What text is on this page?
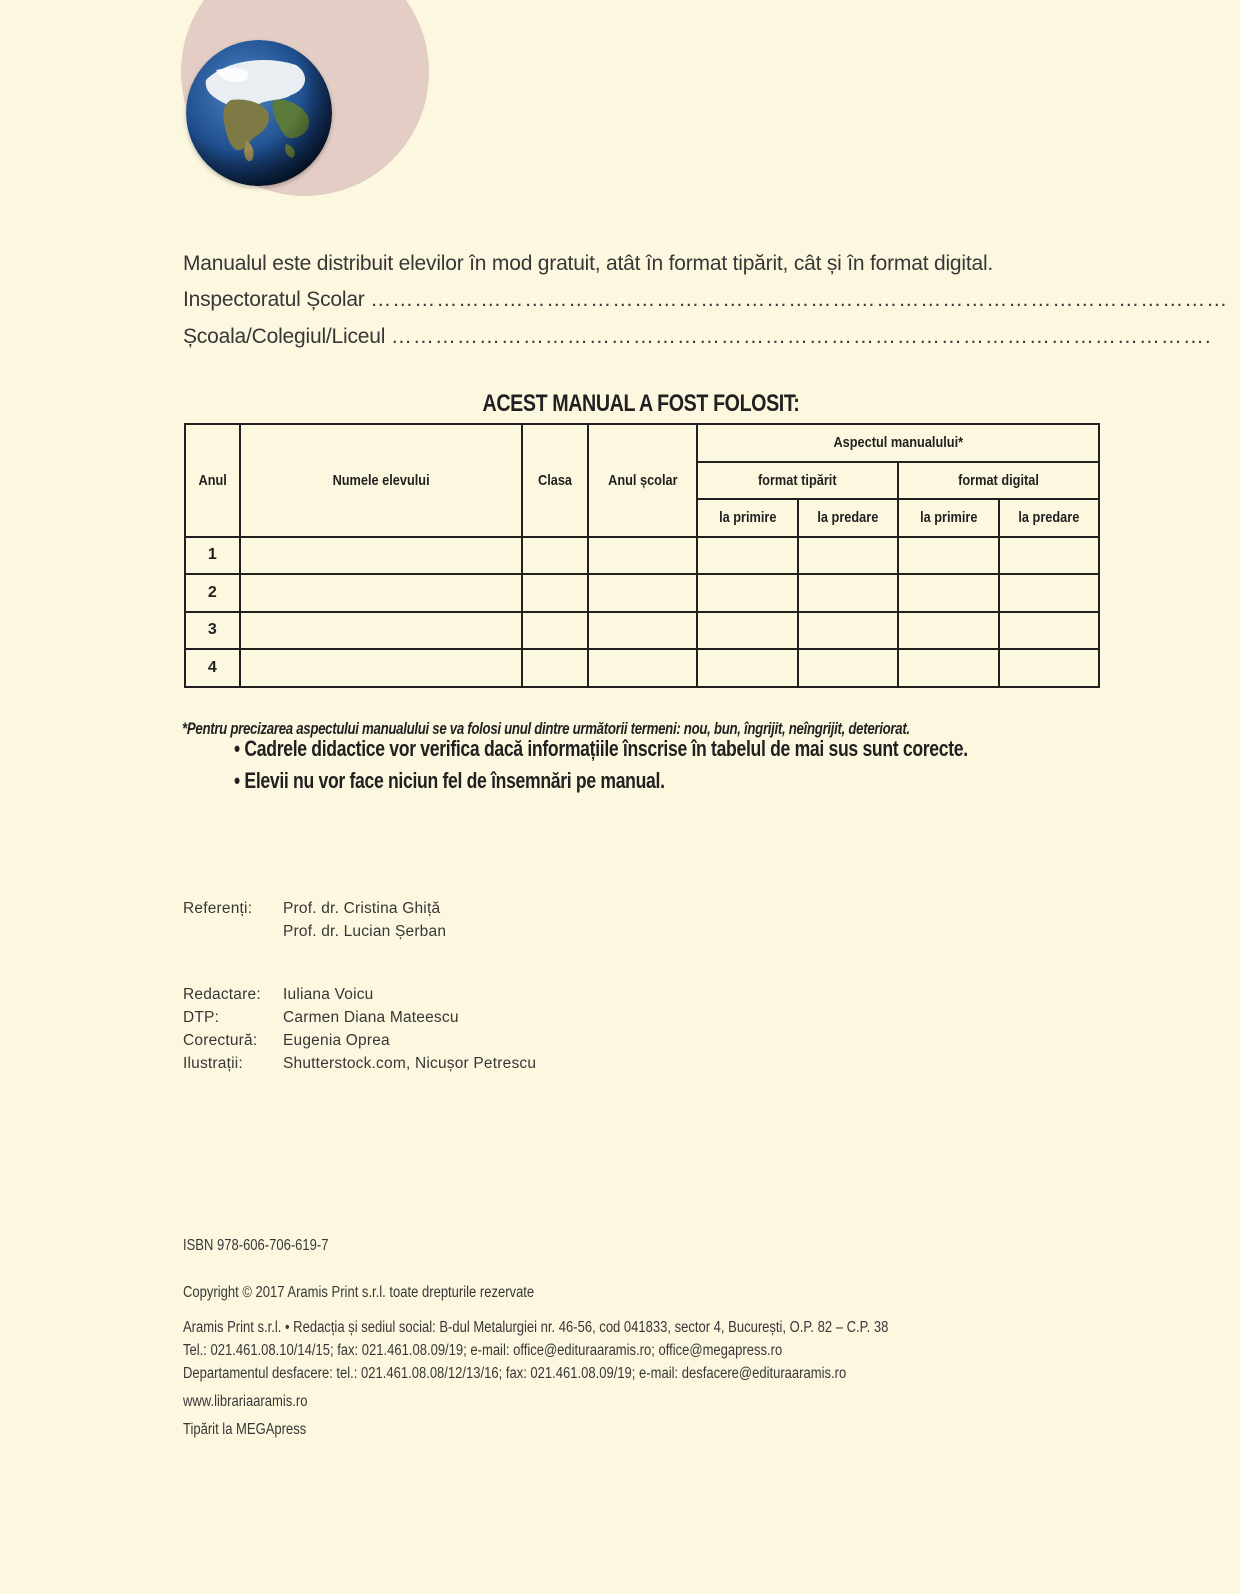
Manualul este distribuit elevilor în mod gratuit, atât în format tipărit, cât și în format digital.
Inspectoratul Școlar ………………………………………………………………………………………………………
Școala/Colegiul/Liceul ………………………………………………………………………………………………….
ACEST MANUAL A FOST FOLOSIT:
Anul	Numele elevului	Clasa	Anul școlar	Aspectul manualului*			
				format tipărit		format digital	
				la primire	la predare	la primire	la predare
1							
2							
3							
4							
*Pentru precizarea aspectului manualului se va folosi unul dintre următorii termeni: nou, bun, îngrijit, neîngrijit, deteriorat.
• Cadrele didactice vor verifica dacă informațiile înscrise în tabelul de mai sus sunt corecte.
• Elevii nu vor face niciun fel de însemnări pe manual.
Referenți: Prof. dr. Cristina Ghiță
Prof. dr. Lucian Șerban
Redactare: Iuliana Voicu
DTP:	Carmen Diana Mateescu
Corectură: Eugenia Oprea
Ilustrații:	Shutterstock.com, Nicușor Petrescu
ISBN 978-606-706-619-7
Copyright © 2017 Aramis Print s.r.l. toate drepturile rezervate
Aramis Print s.r.l. • Redacția și sediul social: B-dul Metalurgiei nr. 46-56, cod 041833, sector 4, București, O.P. 82 – C.P. 38
Tel.: 021.461.08.10/14/15; fax: 021.461.08.09/19; e-mail: office@edituraaramis.ro; office@megapress.ro
Departamentul desfacere: tel.: 021.461.08.08/12/13/16; fax: 021.461.08.09/19; e-mail: desfacere@edituraaramis.ro
www.librariaaramis.ro
Tipărit la MEGApress
